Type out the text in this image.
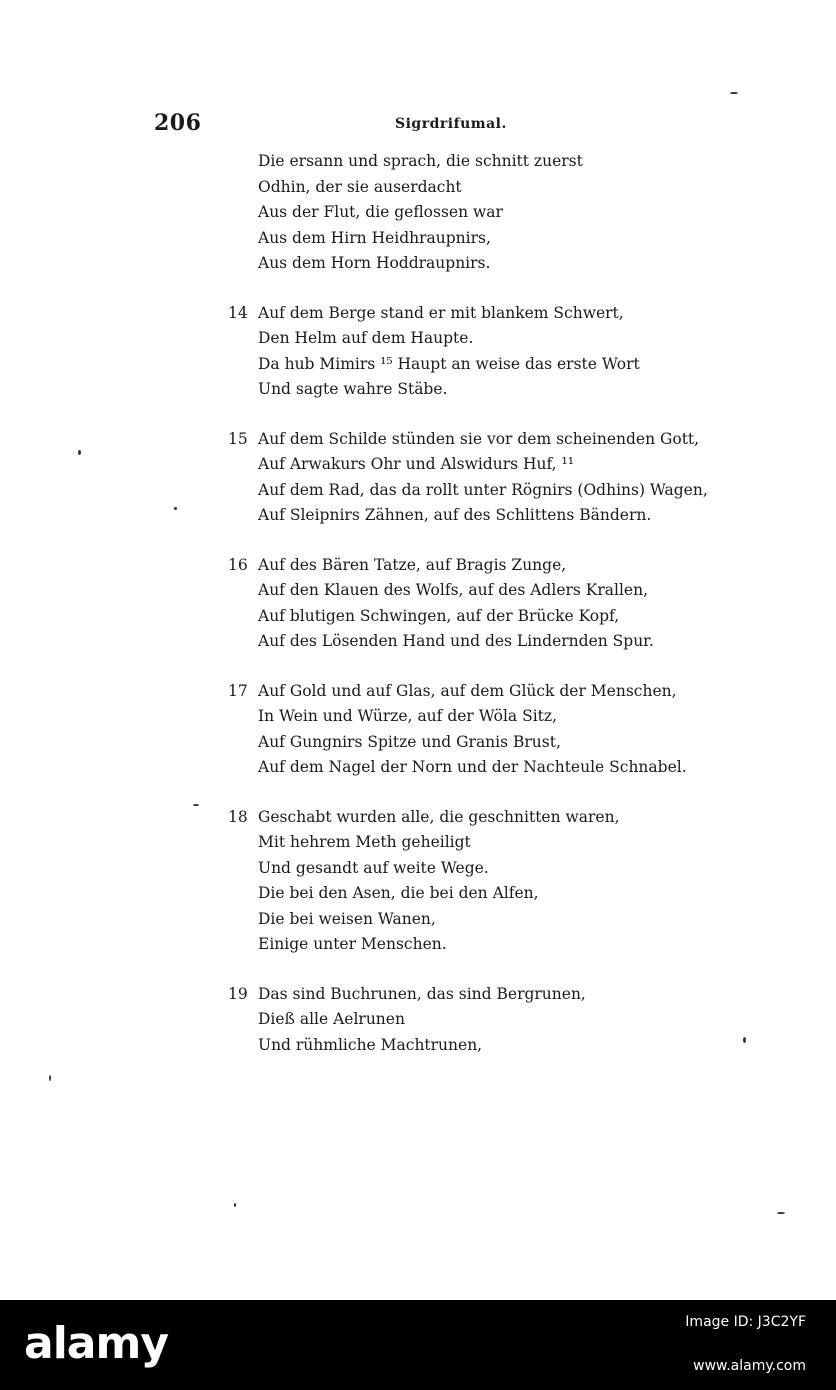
206	Sigrdrifumal.
Die ersann und sprach, die schnitt zuerst
Odhin, der sie auserdacht
Aus der Flut, die geflossen war
Aus dem Hirn Heidhraupnirs,
Aus dem Horn Hoddraupnirs.
14 Auf dem Berge stand er mit blankem Schwert,
Den Helm auf dem Haupte.
Da hub Mimirs ¹⁵ Haupt an weise das erste Wort
Und sagte wahre Stäbe.
15 Auf dem Schilde stünden sie vor dem scheinenden Gott,
Auf Arwakurs Ohr und Alswidurs Huf, ¹¹
Auf dem Rad, das da rollt unter Rögnirs (Odhins) Wagen,
Auf Sleipnirs Zähnen, auf des Schlittens Bändern.
16 Auf des Bären Tatze, auf Bragis Zunge,
Auf den Klauen des Wolfs, auf des Adlers Krallen,
Auf blutigen Schwingen, auf der Brücke Kopf,
Auf des Lösenden Hand und des Lindernden Spur.
17 Auf Gold und auf Glas, auf dem Glück der Menschen,
In Wein und Würze, auf der Wöla Sitz,
Auf Gungnirs Spitze und Granis Brust,
Auf dem Nagel der Norn und der Nachteule Schnabel.
18 Geschabt wurden alle, die geschnitten waren,
Mit hehrem Meth geheiligt
Und gesandt auf weite Wege.
Die bei den Asen, die bei den Alfen,
Die bei weisen Wanen,
Einige unter Menschen.
19 Das sind Buchrunen, das sind Bergrunen,
Dieß alle Aelrunen
Und rühmliche Machtrunen,
alamy	Image ID: J3C2YF
www.alamy.com
